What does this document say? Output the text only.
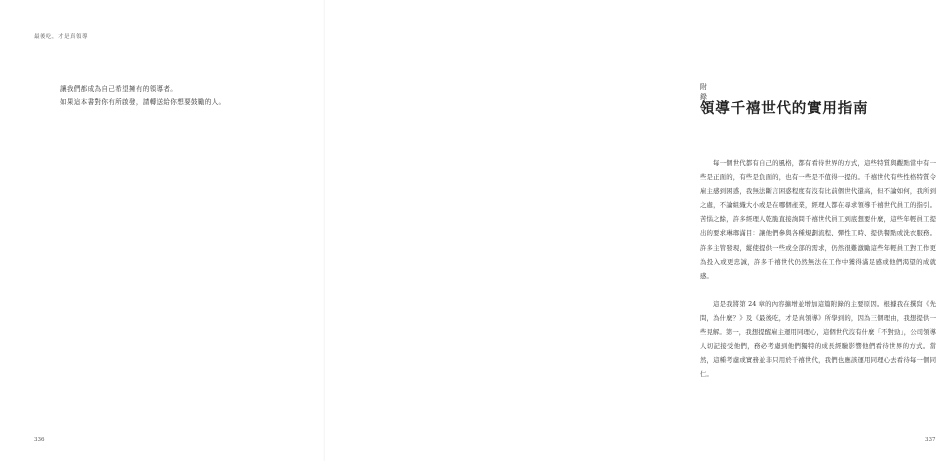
最後吃，才是真領導

讓我們都成為自己希望擁有的領導者。

如果這本書對你有所啟發，請轉送給你想要鼓勵的人。

336
附錄
領導千禧世代的實用指南

每一個世代都有自己的風格，都有看待世界的方式，這些特質與觀點當中有一些是正面的，有些是負面的，也有一些是不值得一提的。千禧世代有些性格特質令雇主感到困惑，我無法斷言困惑程度有沒有比前個世代還高，但不論如何，我所到之處，不論組織大小或是在哪個產業，經理人都在尋求領導千禧世代員工的指引。苦惱之餘，許多經理人乾脆直接詢問千禧世代員工到底想要什麼，這些年輕員工提出的要求琳瑯滿目：讓他們參與各種規劃流程、彈性工時、提供餐點或洗衣服務。許多主管發現，縱使提供一些或全部的需求，仍然很難激勵這些年輕員工對工作更為投入或更忠誠，許多千禧世代仍然無法在工作中獲得滿足感或他們渴望的成就感。

這是我將第 24 章的內容擴增並增加這篇附錄的主要原因。根據我在撰寫《先問，為什麼？》及《最後吃，才是真領導》所學到的，因為三個理由，我想提供一些見解。第一，我想提醒雇主運用同理心，這個世代沒有什麼「不對勁」，公司領導人切記接受他們，務必考慮到他們獨特的成長經驗影響他們看待世界的方式。當然，這種考慮或實務並非只用於千禧世代，我們也應該運用同理心去看待每一個同仁。

337
